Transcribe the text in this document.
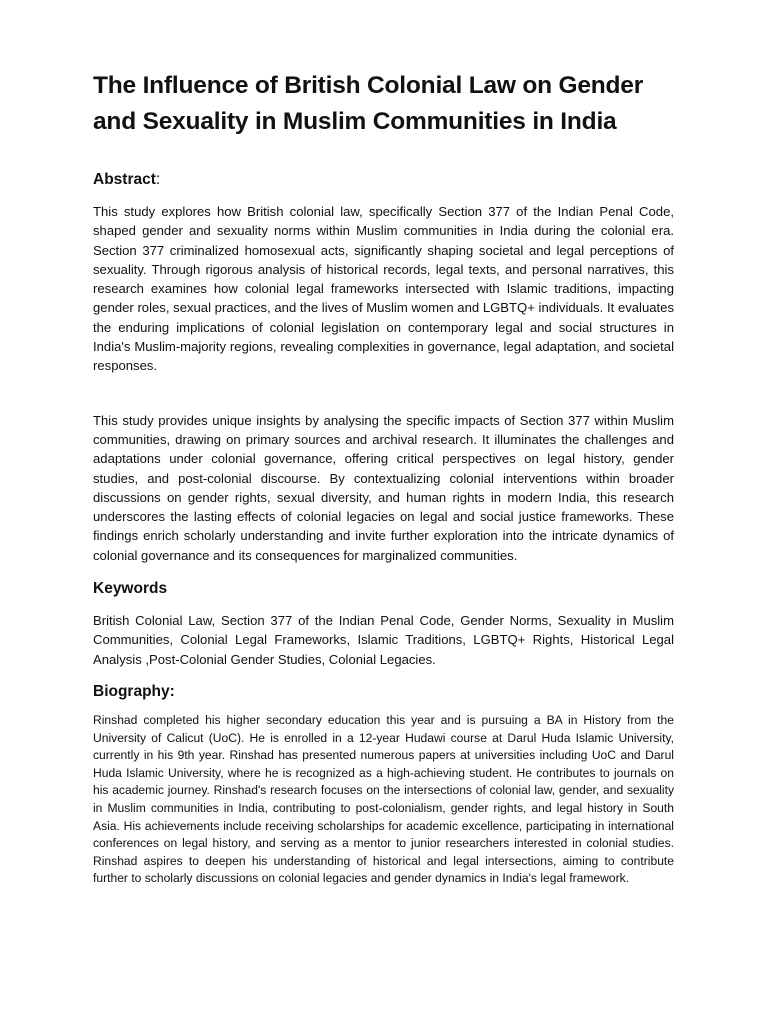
The Influence of British Colonial Law on Gender and Sexuality in Muslim Communities in India
Abstract:

This study explores how British colonial law, specifically Section 377 of the Indian Penal Code, shaped gender and sexuality norms within Muslim communities in India during the colonial era. Section 377 criminalized homosexual acts, significantly shaping societal and legal perceptions of sexuality. Through rigorous analysis of historical records, legal texts, and personal narratives, this research examines how colonial legal frameworks intersected with Islamic traditions, impacting gender roles, sexual practices, and the lives of Muslim women and LGBTQ+ individuals. It evaluates the enduring implications of colonial legislation on contemporary legal and social structures in India's Muslim-majority regions, revealing complexities in governance, legal adaptation, and societal responses.

This study provides unique insights by analysing the specific impacts of Section 377 within Muslim communities, drawing on primary sources and archival research. It illuminates the challenges and adaptations under colonial governance, offering critical perspectives on legal history, gender studies, and post-colonial discourse. By contextualizing colonial interventions within broader discussions on gender rights, sexual diversity, and human rights in modern India, this research underscores the lasting effects of colonial legacies on legal and social justice frameworks. These findings enrich scholarly understanding and invite further exploration into the intricate dynamics of colonial governance and its consequences for marginalized communities.

Keywords

British Colonial Law, Section 377 of the Indian Penal Code, Gender Norms, Sexuality in Muslim Communities, Colonial Legal Frameworks, Islamic Traditions, LGBTQ+ Rights, Historical Legal Analysis ,Post-Colonial Gender Studies, Colonial Legacies.

Biography:

Rinshad completed his higher secondary education this year and is pursuing a BA in History from the University of Calicut (UoC). He is enrolled in a 12-year Hudawi course at Darul Huda Islamic University, currently in his 9th year. Rinshad has presented numerous papers at universities including UoC and Darul Huda Islamic University, where he is recognized as a high-achieving student. He contributes to journals on his academic journey. Rinshad's research focuses on the intersections of colonial law, gender, and sexuality in Muslim communities in India, contributing to post-colonialism, gender rights, and legal history in South Asia. His achievements include receiving scholarships for academic excellence, participating in international conferences on legal history, and serving as a mentor to junior researchers interested in colonial studies. Rinshad aspires to deepen his understanding of historical and legal intersections, aiming to contribute further to scholarly discussions on colonial legacies and gender dynamics in India's legal framework.
